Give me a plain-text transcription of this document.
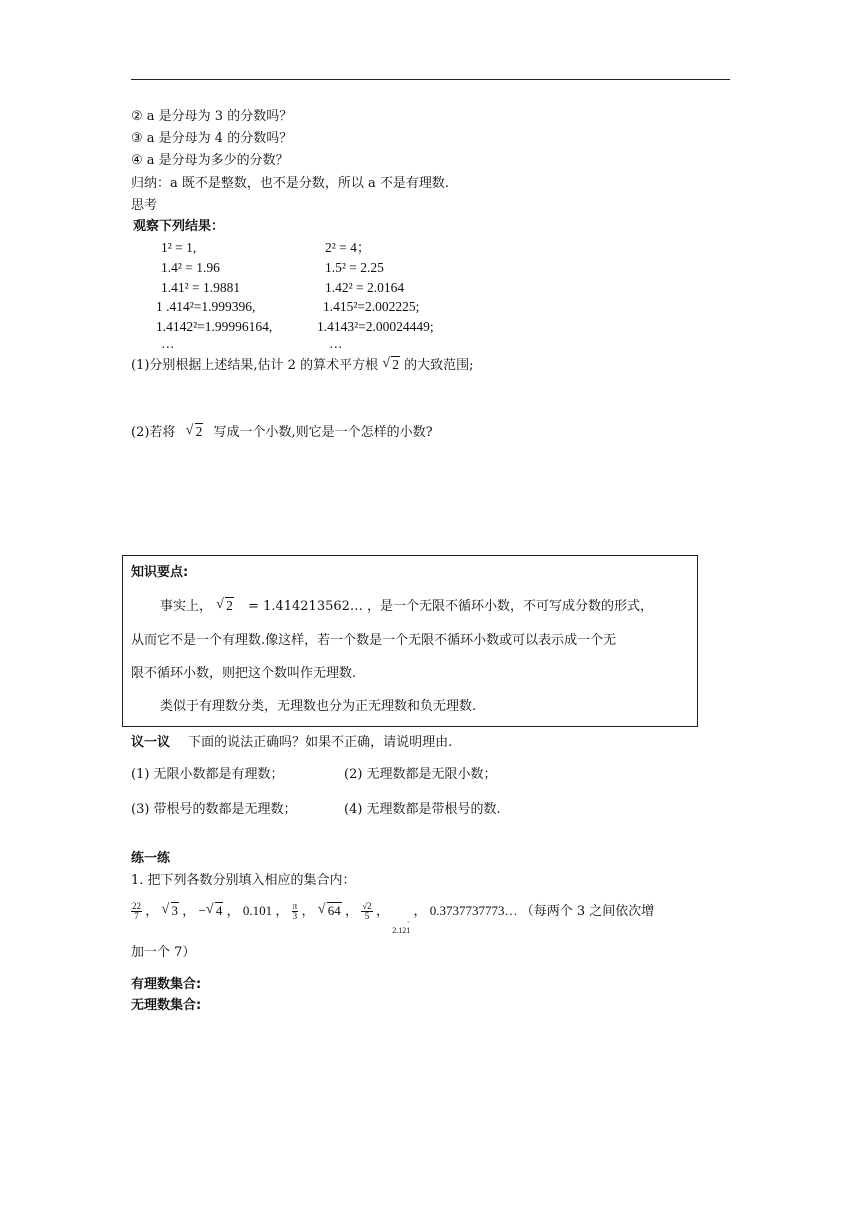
② a 是分母为 3 的分数吗？
③ a 是分母为 4 的分数吗？
④ a 是分母为多少的分数？
归纳：a 既不是整数，也不是分数，所以 a 不是有理数.
思考
观察下列结果：
1² = 1,
1.4² = 1.96
1.41² = 1.9881
1 .414²=1.999396,
1.4142²=1.99996164,
…
2² = 4；
1.5² = 2.25
1.42² = 2.0164
1.415²=2.002225;
1.4143²=2.00024449;
…
(1)分别根据上述结果,估计 2 的算术平方根 √ 2 的大致范围;
(2)若将 √ 2 写成一个小数,则它是一个怎样的小数?
知识要点:
事实上， √ 2 = 1.414213562… ，是一个无限不循环小数，不可写成分数的形式，
从而它不是一个有理数.像这样，若一个数是一个无限不循环小数或可以表示成一个无
限不循环小数，则把这个数叫作无理数.
类似于有理数分类，无理数也分为正无理数和负无理数.
议一议 下面的说法正确吗？如果不正确，请说明理由.
(1) 无限小数都是有理数；	(2) 无理数都是无限小数；
(3) 带根号的数都是无理数；	(4) 无理数都是带根号的数.
练一练
1. 把下列各数分别填入相应的集合内：
$\frac{22}{7}$ ， √ 3 ， − √ 4 ， 0.101 ， $\frac{\pi}{3}$ ， √ 64 ， $\frac{√2}{5}$ ，
·
2.121
， 0.3737737773… （每两个 3 之间依次增
加一个 7）
有理数集合:
无理数集合:
